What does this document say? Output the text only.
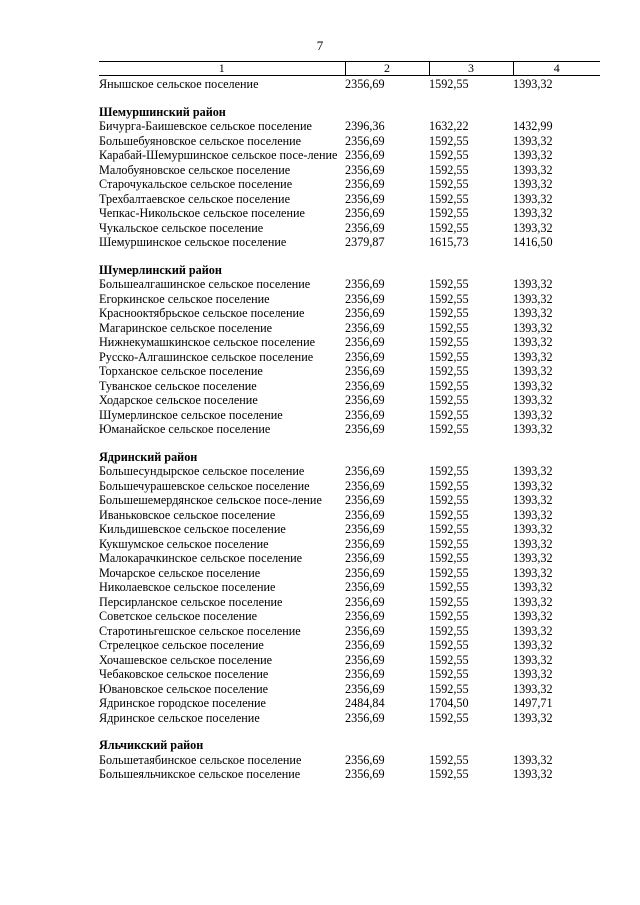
7
1	2	3	4
Янышское сельское поселение	2356,69	1592,55	1393,32
Шемуршинский район			
Бичурга-Баишевское сельское поселение	2396,36	1632,22	1432,99
Большебуяновское сельское поселение	2356,69	1592,55	1393,32
Карабай-Шемуршинское сельское посе-ление	2356,69	1592,55	1393,32
Малобуяновское сельское поселение	2356,69	1592,55	1393,32
Старочукальское сельское поселение	2356,69	1592,55	1393,32
Трехбалтаевское сельское поселение	2356,69	1592,55	1393,32
Чепкас-Никольское сельское поселение	2356,69	1592,55	1393,32
Чукальское сельское поселение	2356,69	1592,55	1393,32
Шемуршинское сельское поселение	2379,87	1615,73	1416,50
Шумерлинский район			
Большеалгашинское сельское поселение	2356,69	1592,55	1393,32
Егоркинское сельское поселение	2356,69	1592,55	1393,32
Краснооктябрьское сельское поселение	2356,69	1592,55	1393,32
Магаринское сельское поселение	2356,69	1592,55	1393,32
Нижнекумашкинское сельское поселение	2356,69	1592,55	1393,32
Русско-Алгашинское сельское поселение	2356,69	1592,55	1393,32
Торханское сельское поселение	2356,69	1592,55	1393,32
Туванское сельское поселение	2356,69	1592,55	1393,32
Ходарское сельское поселение	2356,69	1592,55	1393,32
Шумерлинское сельское поселение	2356,69	1592,55	1393,32
Юманайское сельское поселение	2356,69	1592,55	1393,32
Ядринский район			
Большесундырское сельское поселение	2356,69	1592,55	1393,32
Большечурашевское сельское поселение	2356,69	1592,55	1393,32
Большешемердянское сельское посе-ление	2356,69	1592,55	1393,32
Иваньковское сельское поселение	2356,69	1592,55	1393,32
Кильдишевское сельское поселение	2356,69	1592,55	1393,32
Кукшумское сельское поселение	2356,69	1592,55	1393,32
Малокарачкинское сельское поселение	2356,69	1592,55	1393,32
Мочарское сельское поселение	2356,69	1592,55	1393,32
Николаевское сельское поселение	2356,69	1592,55	1393,32
Персирланское сельское поселение	2356,69	1592,55	1393,32
Советское сельское поселение	2356,69	1592,55	1393,32
Старотиньгешское сельское поселение	2356,69	1592,55	1393,32
Стрелецкое сельское поселение	2356,69	1592,55	1393,32
Хочашевское сельское поселение	2356,69	1592,55	1393,32
Чебаковское сельское поселение	2356,69	1592,55	1393,32
Ювановское сельское поселение	2356,69	1592,55	1393,32
Ядринское городское поселение	2484,84	1704,50	1497,71
Ядринское сельское поселение	2356,69	1592,55	1393,32
Яльчикский район			
Большетаябинское сельское поселение	2356,69	1592,55	1393,32
Большеяльчикское сельское поселение	2356,69	1592,55	1393,32
